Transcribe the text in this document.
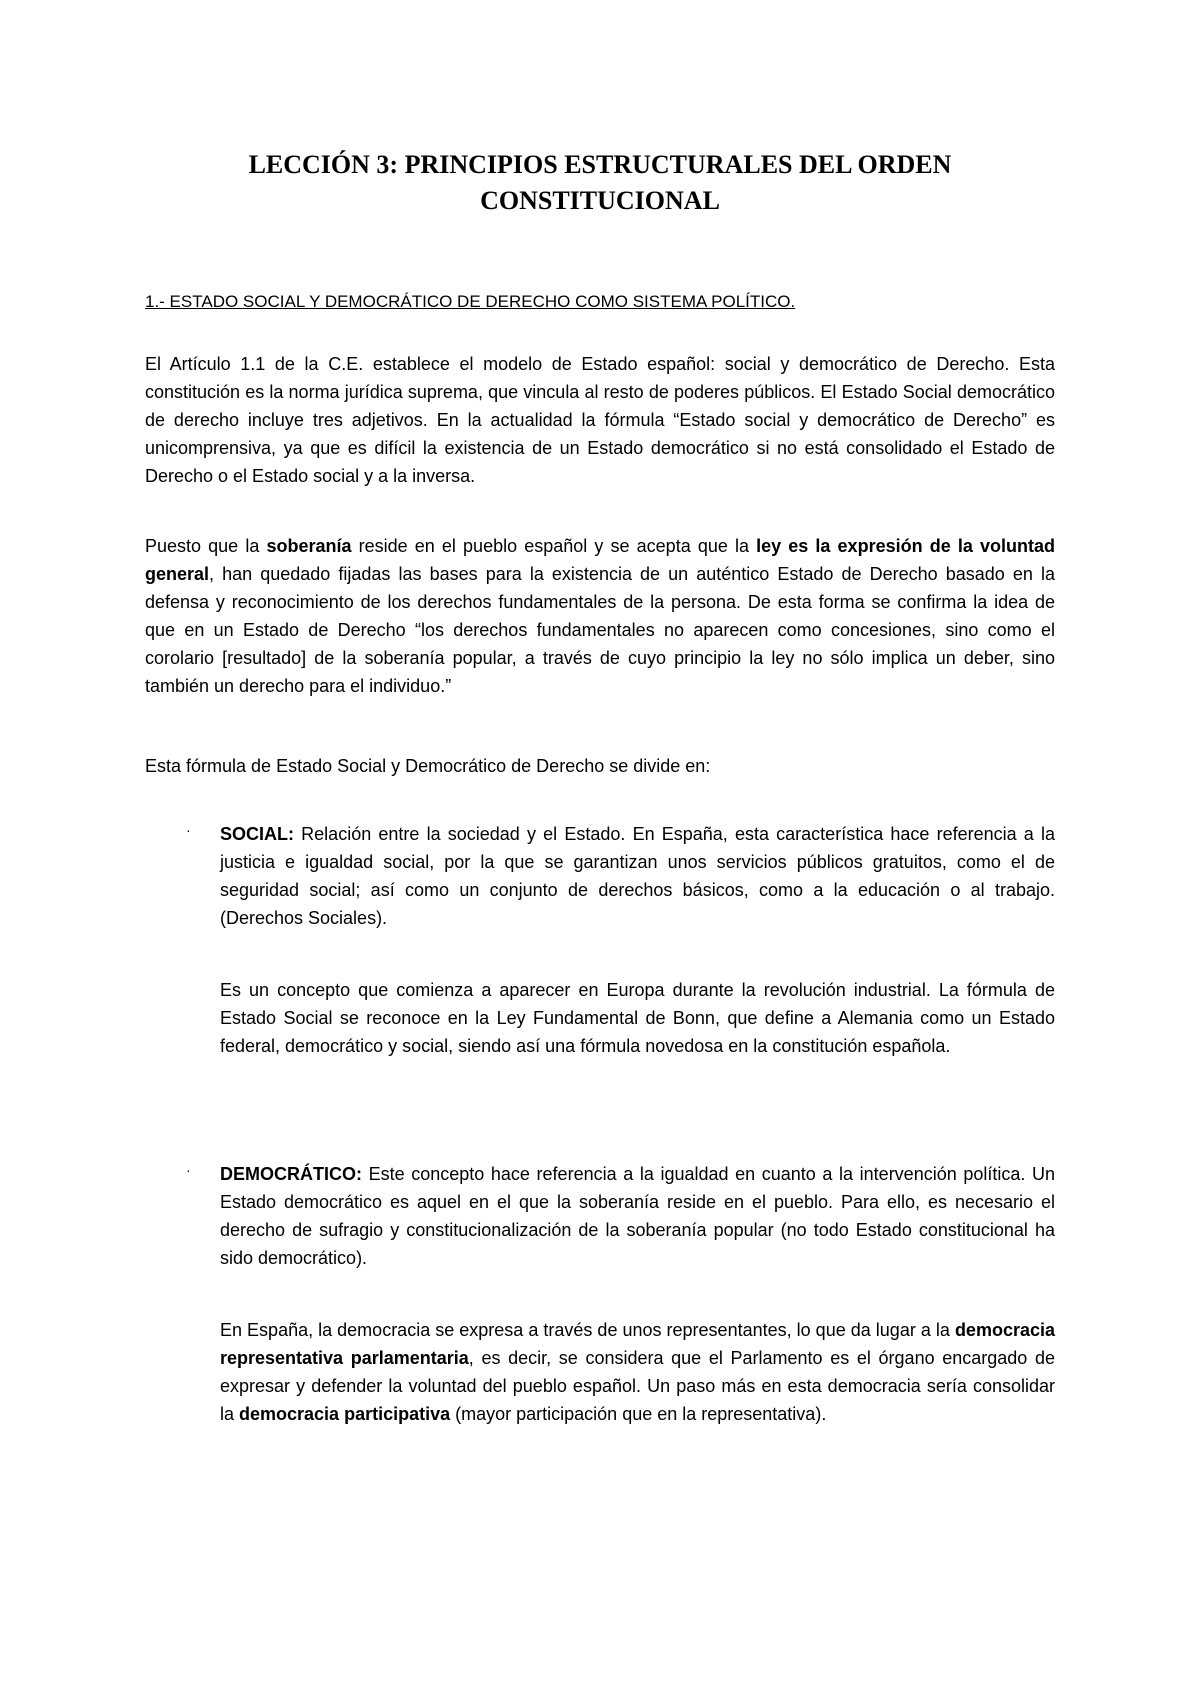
LECCIÓN 3: PRINCIPIOS ESTRUCTURALES DEL ORDEN
CONSTITUCIONAL
1.- ESTADO SOCIAL Y DEMOCRÁTICO DE DERECHO COMO SISTEMA POLÍTICO.

El Artículo 1.1 de la C.E. establece el modelo de Estado español: social y democrático de Derecho. Esta constitución es la norma jurídica suprema, que vincula al resto de poderes públicos. El Estado Social democrático de derecho incluye tres adjetivos. En la actualidad la fórmula “Estado social y democrático de Derecho” es unicomprensiva, ya que es difícil la existencia de un Estado democrático si no está consolidado el Estado de Derecho o el Estado social y a la inversa.

Puesto que la soberanía reside en el pueblo español y se acepta que la ley es la expresión de la voluntad general, han quedado fijadas las bases para la existencia de un auténtico Estado de Derecho basado en la defensa y reconocimiento de los derechos fundamentales de la persona. De esta forma se confirma la idea de que en un Estado de Derecho “los derechos fundamentales no aparecen como concesiones, sino como el corolario [resultado] de la soberanía popular, a través de cuyo principio la ley no sólo implica un deber, sino también un derecho para el individuo.”

Esta fórmula de Estado Social y Democrático de Derecho se divide en:

· SOCIAL: Relación entre la sociedad y el Estado. En España, esta característica hace referencia a la justicia e igualdad social, por la que se garantizan unos servicios públicos gratuitos, como el de seguridad social; así como un conjunto de derechos básicos, como a la educación o al trabajo. (Derechos Sociales).

Es un concepto que comienza a aparecer en Europa durante la revolución industrial. La fórmula de Estado Social se reconoce en la Ley Fundamental de Bonn, que define a Alemania como un Estado federal, democrático y social, siendo así una fórmula novedosa en la constitución española.

· DEMOCRÁTICO: Este concepto hace referencia a la igualdad en cuanto a la intervención política. Un Estado democrático es aquel en el que la soberanía reside en el pueblo. Para ello, es necesario el derecho de sufragio y constitucionalización de la soberanía popular (no todo Estado constitucional ha sido democrático).

En España, la democracia se expresa a través de unos representantes, lo que da lugar a la democracia representativa parlamentaria, es decir, se considera que el Parlamento es el órgano encargado de expresar y defender la voluntad del pueblo español. Un paso más en esta democracia sería consolidar la democracia participativa (mayor participación que en la representativa).
